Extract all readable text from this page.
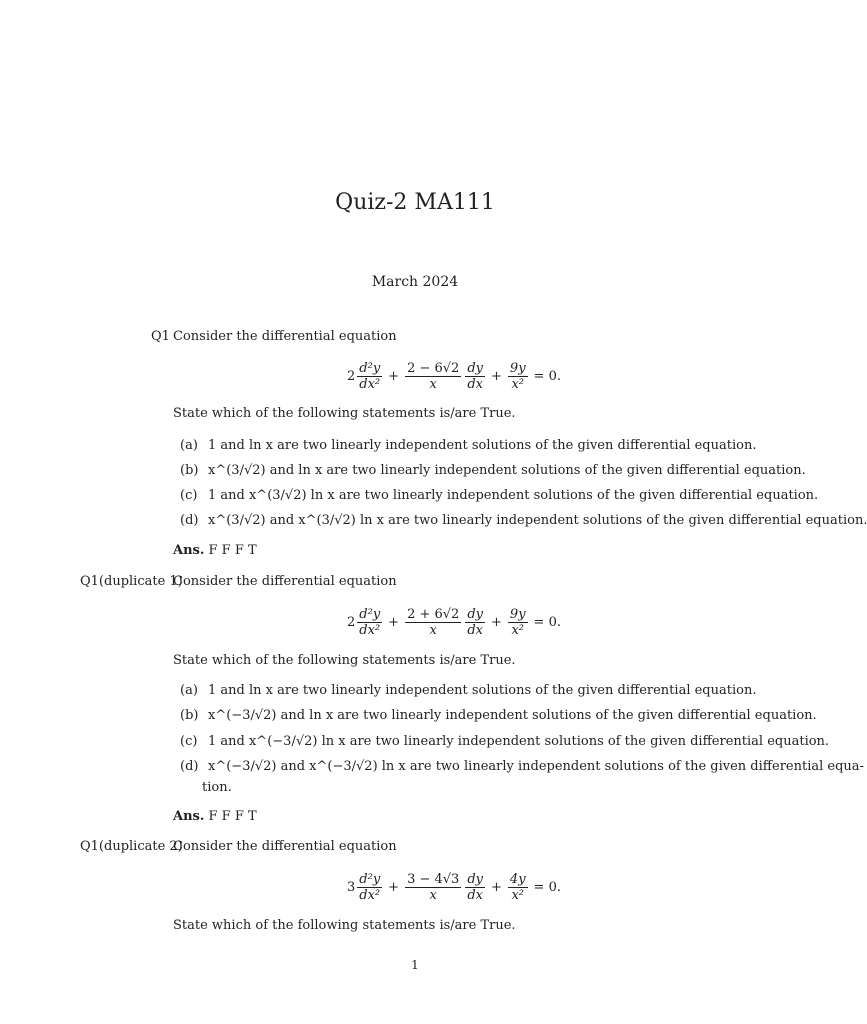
Quiz-2 MA111
March 2024
Q1 Consider the differential equation
$2 \frac{\text{d²y}}{\text{dx²}} + \frac{2 - 6√2}{x} \frac{dy}{dx} + \frac{9y}{\text{x²}} = 0$.
State which of the following statements is/are True.
(a) 1 and ln x are two linearly independent solutions of the given differential equation.
(b) x^(3/√2) and ln x are two linearly independent solutions of the given differential equation.
(c) 1 and x^(3/√2) ln x are two linearly independent solutions of the given differential equation.
(d) x^(3/√2) and x^(3/√2) ln x are two linearly independent solutions of the given differential equation.
Ans. F F F T
Q1(duplicate 1)
Consider the differential equation
$2 \frac{\text{d²y}}{\text{dx²}} + \frac{2 + 6√2}{x} \frac{dy}{dx} + \frac{9y}{\text{x²}} = 0$.
State which of the following statements is/are True.
(a) 1 and ln x are two linearly independent solutions of the given differential equation.
(b) x^(−3/√2) and ln x are two linearly independent solutions of the given differential equation.
(c) 1 and x^(−3/√2) ln x are two linearly independent solutions of the given differential equation.
(d) x^(−3/√2) and x^(−3/√2) ln x are two linearly independent solutions of the given differential equa-
tion.
Ans. F F F T
Q1(duplicate 2)
Consider the differential equation
$3 \frac{\text{d²y}}{\text{dx²}} + \frac{3 - 4√3}{x} \frac{dy}{dx} + \frac{4y}{\text{x²}} = 0$.
State which of the following statements is/are True.
1
